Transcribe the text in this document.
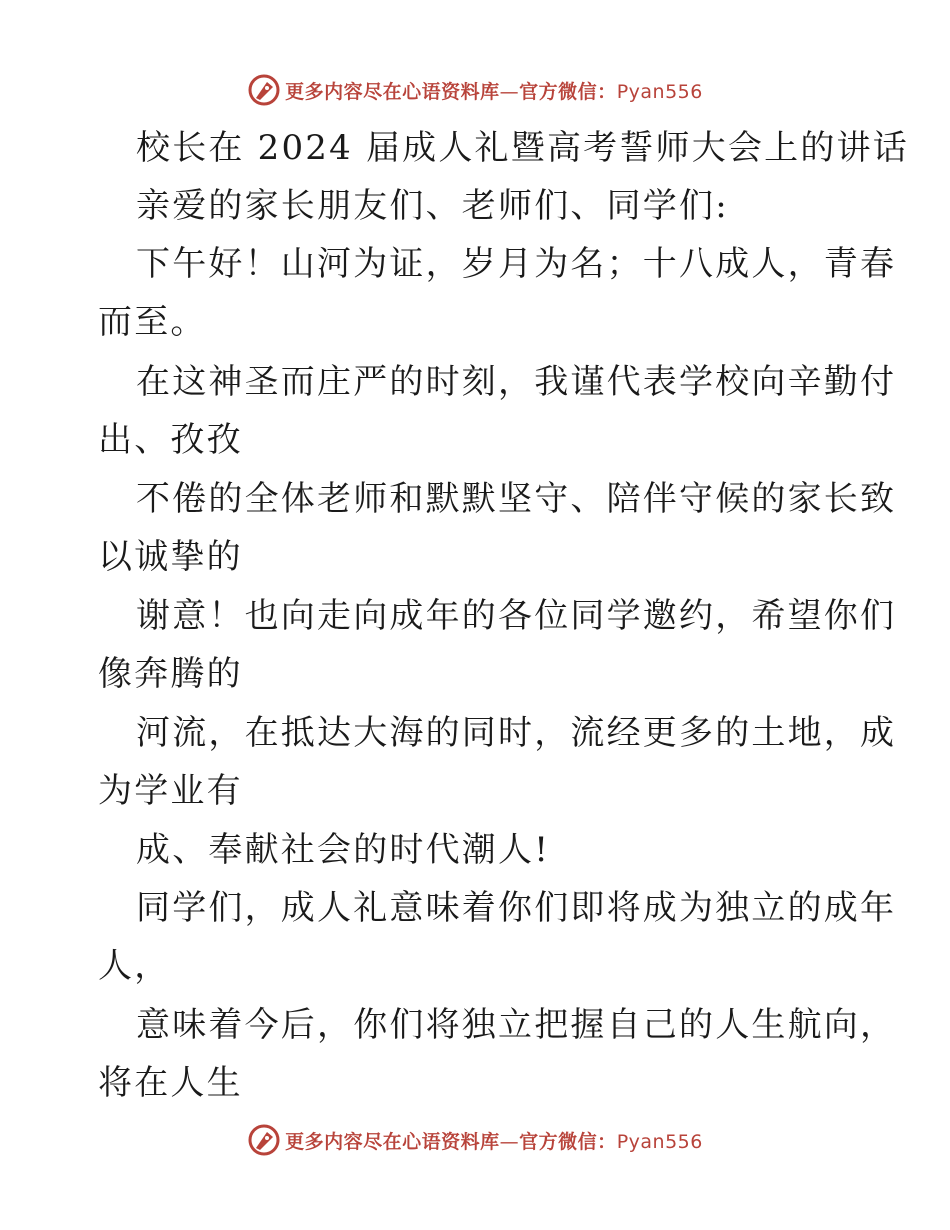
更多内容尽在心语资料库—官方微信：Pyan556
校长在 2024 届成人礼暨高考誓师大会上的讲话
亲爱的家长朋友们、老师们、同学们:
下午好！山河为证，岁月为名；十八成人，青春
而至。
在这神圣而庄严的时刻，我谨代表学校向辛勤付
出、孜孜
不倦的全体老师和默默坚守、陪伴守候的家长致
以诚挚的
谢意！也向走向成年的各位同学邀约，希望你们
像奔腾的
河流，在抵达大海的同时，流经更多的土地，成
为学业有
成、奉献社会的时代潮人!
同学们，成人礼意味着你们即将成为独立的成年
人，
意味着今后，你们将独立把握自己的人生航向，
将在人生
更多内容尽在心语资料库—官方微信：Pyan556
